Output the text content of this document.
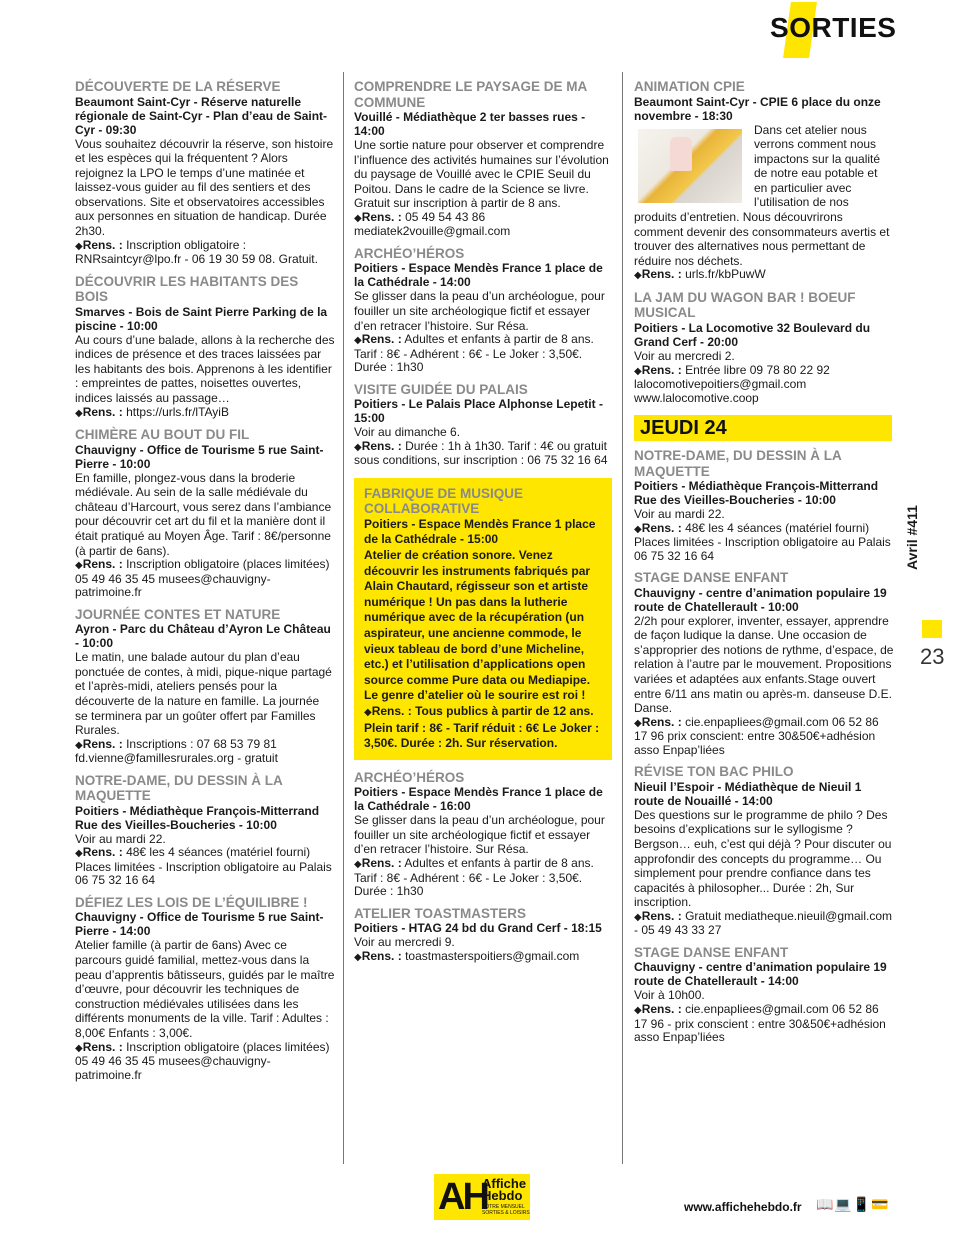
SORTIES
DÉCOUVERTE DE LA RÉSERVE
Beaumont Saint-Cyr - Réserve naturelle régionale de Saint-Cyr - Plan d’eau de Saint-Cyr - 09:30
Vous souhaitez découvrir la réserve, son histoire et les espèces qui la fréquentent ? Alors rejoignez la LPO le temps d’une matinée et laissez-vous guider au fil des sentiers et des observations. Site et observatoires accessibles aux personnes en situation de handicap. Durée 2h30.
◆Rens. : Inscription obligatoire : RNRsaintcyr@lpo.fr - 06 19 30 59 08. Gratuit.
DÉCOUVRIR LES HABITANTS DES BOIS
Smarves - Bois de Saint Pierre Parking de la piscine - 10:00
Au cours d’une balade, allons à la recherche des indices de présence et des traces laissées par les habitants des bois. Apprenons à les identifier : empreintes de pattes, noisettes ouvertes, indices laissés au passage…
◆Rens. : https://urls.fr/lTAyiB
CHIMÈRE AU BOUT DU FIL
Chauvigny - Office de Tourisme 5 rue Saint-Pierre - 10:00
En famille, plongez-vous dans la broderie médiévale. Au sein de la salle médiévale du château d’Harcourt, vous serez dans l’ambiance pour découvrir cet art du fil et la manière dont il était pratiqué au Moyen Âge. Tarif : 8€/personne (à partir de 6ans).
◆Rens. : Inscription obligatoire (places limitées) 05 49 46 35 45 musees@chauvigny-patrimoine.fr
JOURNÉE CONTES ET NATURE
Ayron - Parc du Château d’Ayron Le Château - 10:00
Le matin, une balade autour du plan d’eau ponctuée de contes, à midi, pique-nique partagé et l’après-midi, ateliers pensés pour la découverte de la nature en famille. La journée se terminera par un goûter offert par Familles Rurales.
◆Rens. : Inscriptions : 07 68 53 79 81 fd.vienne@famillesrurales.org - gratuit
NOTRE-DAME, DU DESSIN À LA MAQUETTE
Poitiers - Médiathèque François-Mitterrand Rue des Vieilles-Boucheries - 10:00
Voir au mardi 22.
◆Rens. : 48€ les 4 séances (matériel fourni) Places limitées - Inscription obligatoire au Palais 06 75 32 16 64
DÉFIEZ LES LOIS DE L’ÉQUILIBRE !
Chauvigny - Office de Tourisme 5 rue Saint-Pierre - 14:00
Atelier famille (à partir de 6ans) Avec ce parcours guidé familial, mettez-vous dans la peau d’apprentis bâtisseurs, guidés par le maître d’œuvre, pour découvrir les techniques de construction médiévales utilisées dans les différents monuments de la ville. Tarif : Adultes : 8,00€ Enfants : 3,00€.
◆Rens. : Inscription obligatoire (places limitées) 05 49 46 35 45 musees@chauvigny-patrimoine.fr
COMPRENDRE LE PAYSAGE DE MA COMMUNE
Vouillé - Médiathèque 2 ter basses rues - 14:00
Une sortie nature pour observer et comprendre l’influence des activités humaines sur l’évolution du paysage de Vouillé avec le CPIE Seuil du Poitou. Dans le cadre de la Science se livre. Gratuit sur inscription à partir de 8 ans.
◆Rens. : 05 49 54 43 86 mediatek2vouille@gmail.com
ARCHÉO’HÉROS
Poitiers - Espace Mendès France 1 place de la Cathédrale - 14:00
Se glisser dans la peau d’un archéologue, pour fouiller un site archéologique fictif et essayer d’en retracer l’histoire. Sur Résa.
◆Rens. : Adultes et enfants à partir de 8 ans. Tarif : 8€ - Adhérent : 6€ - Le Joker : 3,50€. Durée : 1h30
VISITE GUIDÉE DU PALAIS
Poitiers - Le Palais Place Alphonse Lepetit - 15:00
Voir au dimanche 6.
◆Rens. : Durée : 1h à 1h30. Tarif : 4€ ou gratuit sous conditions, sur inscription : 06 75 32 16 64
FABRIQUE DE MUSIQUE COLLABORATIVE
Poitiers - Espace Mendès France 1 place de la Cathédrale - 15:00
Atelier de création sonore. Venez découvrir les instruments fabriqués par Alain Chautard, régisseur son et artiste numérique ! Un pas dans la lutherie numérique avec de la récupération (un aspirateur, une ancienne commode, le vieux tableau de bord d’une Micheline, etc.) et l’utilisation d’applications open source comme Pure data ou Mediapipe. Le genre d’atelier où le sourire est roi !
◆Rens. : Tous publics à partir de 12 ans. Plein tarif : 8€ - Tarif réduit : 6€ Le Joker : 3,50€. Durée : 2h. Sur réservation.
ARCHÉO’HÉROS
Poitiers - Espace Mendès France 1 place de la Cathédrale - 16:00
Se glisser dans la peau d’un archéologue, pour fouiller un site archéologique fictif et essayer d’en retracer l’histoire. Sur Résa.
◆Rens. : Adultes et enfants à partir de 8 ans. Tarif : 8€ - Adhérent : 6€ - Le Joker : 3,50€. Durée : 1h30
ATELIER TOASTMASTERS
Poitiers - HTAG 24 bd du Grand Cerf - 18:15
Voir au mercredi 9.
◆Rens. : toastmasterspoitiers@gmail.com
ANIMATION CPIE
Beaumont Saint-Cyr - CPIE 6 place du onze novembre - 18:30
Dans cet atelier nous verrons comment nous impactons sur la qualité de notre eau potable et en particulier avec l’utilisation de nos produits d’entretien. Nous découvrirons comment devenir des consommateurs avertis et trouver des alternatives nous permettant de réduire nos déchets.
◆Rens. : urls.fr/kbPuwW
LA JAM DU WAGON BAR ! BOEUF MUSICAL
Poitiers - La Locomotive 32 Boulevard du Grand Cerf - 20:00
Voir au mercredi 2.
◆Rens. : Entrée libre 09 78 80 22 92 lalocomotivepoitiers@gmail.com www.lalocomotive.coop
JEUDI 24
NOTRE-DAME, DU DESSIN À LA MAQUETTE
Poitiers - Médiathèque François-Mitterrand Rue des Vieilles-Boucheries - 10:00
Voir au mardi 22.
◆Rens. : 48€ les 4 séances (matériel fourni) Places limitées - Inscription obligatoire au Palais 06 75 32 16 64
STAGE DANSE ENFANT
Chauvigny - centre d’animation populaire 19 route de Chatellerault - 10:00
2/2h pour explorer, inventer, essayer, apprendre de façon ludique la danse. Une occasion de s’approprier des notions de rythme, d’espace, de relation à l’autre par le mouvement. Propositions variées et adaptées aux enfants.Stage ouvert entre 6/11 ans matin ou après-m. danseuse D.E. Danse.
◆Rens. : cie.enpapliees@gmail.com 06 52 86 17 96 prix conscient: entre 30&50€+adhésion asso Enpap’liées
RÉVISE TON BAC PHILO
Nieuil l’Espoir - Médiathèque de Nieuil 1 route de Nouaillé - 14:00
Des questions sur le programme de philo ? Des besoins d’explications sur le syllogisme ? Bergson… euh, c’est qui déjà ? Pour discuter ou approfondir des concepts du programme… Ou simplement pour prendre confiance dans tes capacités à philosopher... Durée : 2h, Sur inscription.
◆Rens. : Gratuit mediatheque.nieuil@gmail.com - 05 49 43 33 27
STAGE DANSE ENFANT
Chauvigny - centre d’animation populaire 19 route de Chatellerault - 14:00
Voir à 10h00.
◆Rens. : cie.enpapliees@gmail.com 06 52 86 17 96 - prix conscient : entre 30&50€+adhésion asso Enpap’liées
Avril #411
23
AH
Affiche
Hebdo
VOTRE MENSUEL
SORTIES & LOISIRS	www.affichehebdo.fr 📖💻📱💳
